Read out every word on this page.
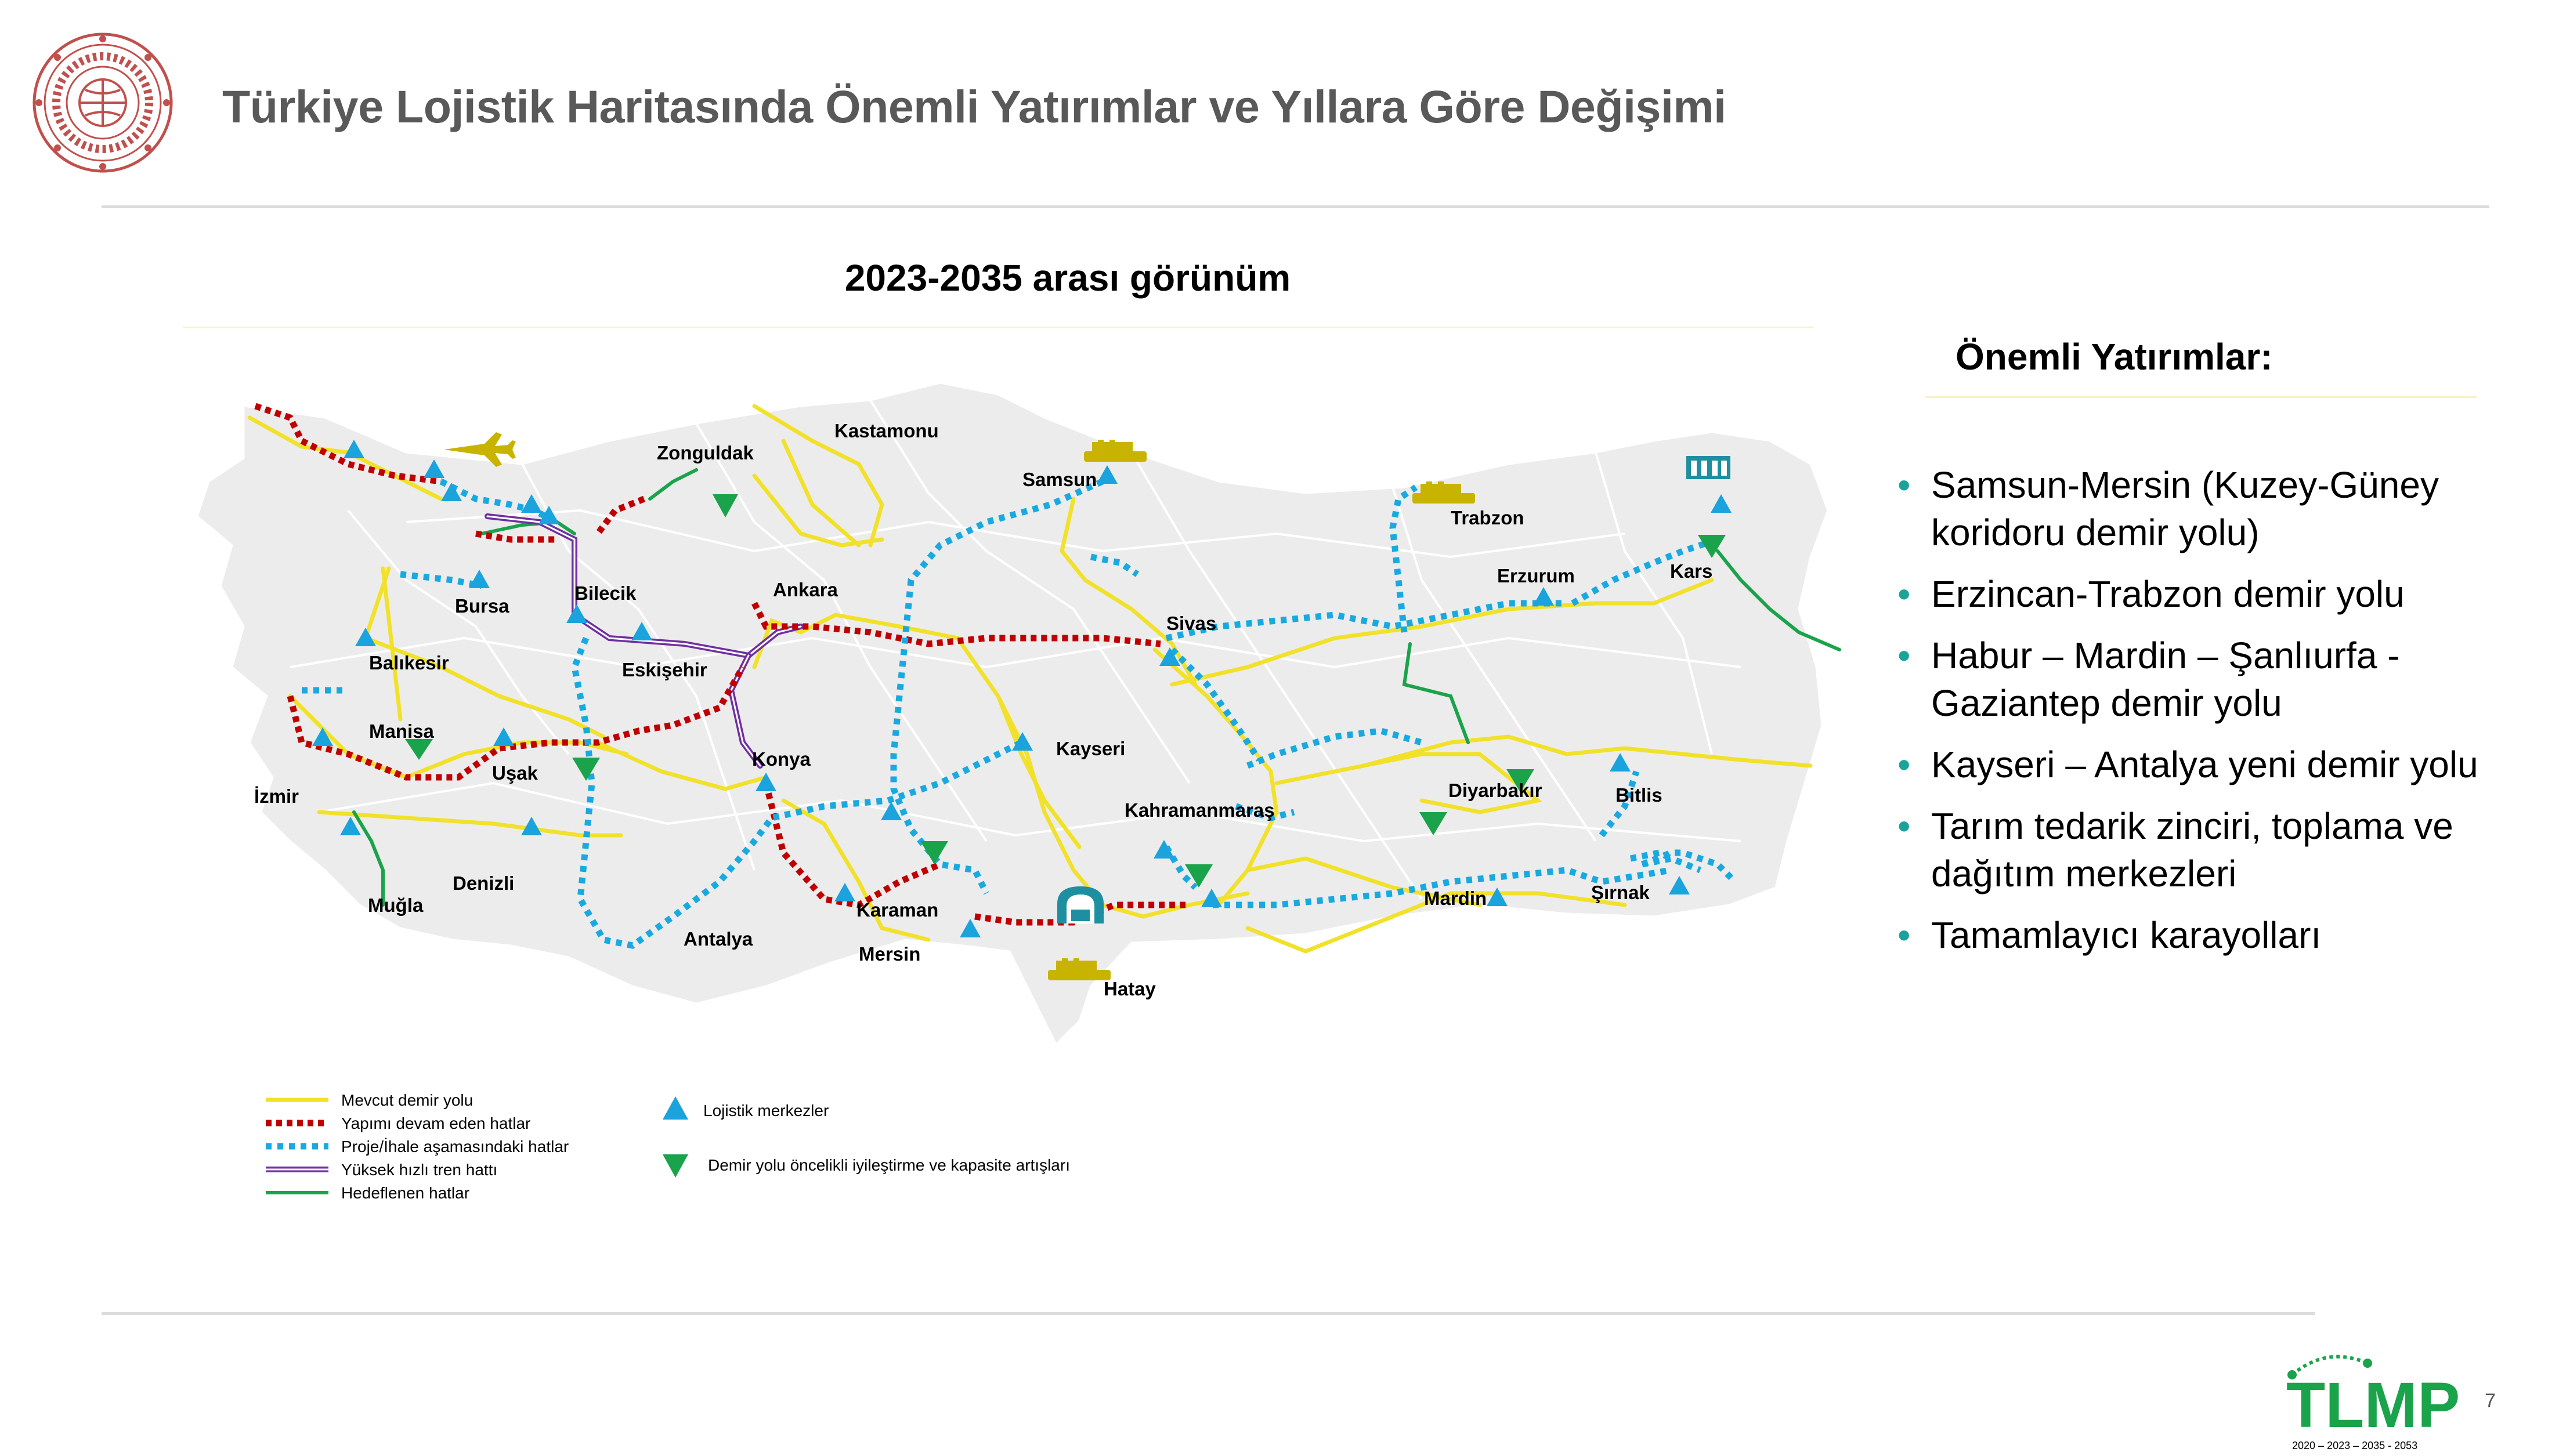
Türkiye Lojistik Haritasında Önemli Yatırımlar ve Yıllara Göre Değişimi
2023-2035 arası görünüm
Kastamonu
Zonguldak
Samsun
Trabzon
Erzurum	Kars
Bursa
Bilecik	Ankara
Sivas
Balıkesir	Eskişehir
Manisa
Uşak
Konya	Kayseri
İzmir
Kahramanmaraş
Diyarbakır	Bitlis
Denizli
Muğla	Karaman
Antalya
Mersin
Mardin	Şırnak
Hatay
Mevcut demir yolu
Yapımı devam eden hatlar
Proje/İhale aşamasındaki hatlar
Yüksek hızlı tren hattı
Hedeflenen hatlar
Lojistik merkezler
Demir yolu öncelikli iyileştirme ve kapasite artışları
Önemli Yatırımlar:
• Samsun-Mersin (Kuzey-Güney koridoru demir yolu)
• Erzincan-Trabzon demir yolu
• Habur – Mardin – Şanlıurfa - Gaziantep demir yolu
• Kayseri – Antalya yeni demir yolu
• Tarım tedarik zinciri, toplama ve dağıtım merkezleri
• Tamamlayıcı karayolları
TLMP
2020 – 2023 – 2035 - 2053
7
